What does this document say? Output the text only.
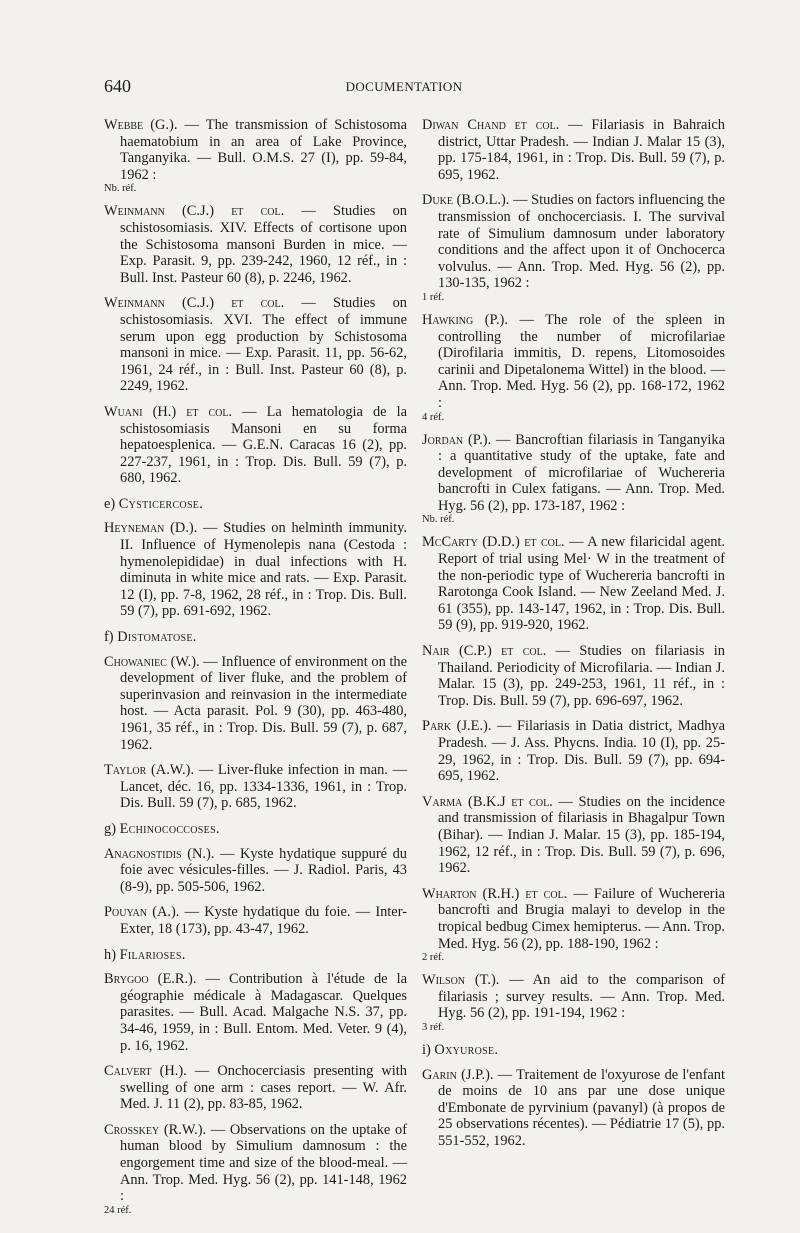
640	DOCUMENTATION

Webbe (G.). — The transmission of Schistosoma haematobium in an area of Lake Province, Tanganyika. — Bull. O.M.S. 27 (I), pp. 59-84, 1962 :
Nb. réf.

Weinmann (C.J.) et col. — Studies on schistosomiasis. XIV. Effects of cortisone upon the Schistosoma mansoni Burden in mice. — Exp. Parasit. 9, pp. 239-242, 1960, 12 réf., in : Bull. Inst. Pasteur 60 (8), p. 2246, 1962.

Weinmann (C.J.) et col. — Studies on schistosomiasis. XVI. The effect of immune serum upon egg production by Schistosoma mansoni in mice. — Exp. Parasit. 11, pp. 56-62, 1961, 24 réf., in : Bull. Inst. Pasteur 60 (8), p. 2249, 1962.

Wuani (H.) et col. — La hematologia de la schistosomiasis Mansoni en su forma hepatoesplenica. — G.E.N. Caracas 16 (2), pp. 227-237, 1961, in : Trop. Dis. Bull. 59 (7), p. 680, 1962.

e) Cysticercose.

Heyneman (D.). — Studies on helminth immunity. II. Influence of Hymenolepis nana (Cestoda : hymenolepididae) in dual infections with H. diminuta in white mice and rats. — Exp. Parasit. 12 (I), pp. 7-8, 1962, 28 réf., in : Trop. Dis. Bull. 59 (7), pp. 691-692, 1962.

f) Distomatose.

Chowaniec (W.). — Influence of environment on the development of liver fluke, and the problem of superinvasion and reinvasion in the intermediate host. — Acta parasit. Pol. 9 (30), pp. 463-480, 1961, 35 réf., in : Trop. Dis. Bull. 59 (7), p. 687, 1962.

Taylor (A.W.). — Liver-fluke infection in man. — Lancet, déc. 16, pp. 1334-1336, 1961, in : Trop. Dis. Bull. 59 (7), p. 685, 1962.

g) Echinococcoses.

Anagnostidis (N.). — Kyste hydatique suppuré du foie avec vésicules-filles. — J. Radiol. Paris, 43 (8-9), pp. 505-506, 1962.

Pouyan (A.). — Kyste hydatique du foie. — Inter-Exter, 18 (173), pp. 43-47, 1962.

h) Filarioses.

Brygoo (E.R.). — Contribution à l'étude de la géographie médicale à Madagascar. Quelques parasites. — Bull. Acad. Malgache N.S. 37, pp. 34-46, 1959, in : Bull. Entom. Med. Veter. 9 (4), p. 16, 1962.

Calvert (H.). — Onchocerciasis presenting with swelling of one arm : cases report. — W. Afr. Med. J. 11 (2), pp. 83-85, 1962.

Crosskey (R.W.). — Observations on the uptake of human blood by Simulium damnosum : the engorgement time and size of the blood-meal. — Ann. Trop. Med. Hyg. 56 (2), pp. 141-148, 1962 :
24 réf.

Diwan Chand et col. — Filariasis in Bahraich district, Uttar Pradesh. — Indian J. Malar 15 (3), pp. 175-184, 1961, in : Trop. Dis. Bull. 59 (7), p. 695, 1962.

Duke (B.O.L.). — Studies on factors influencing the transmission of onchocerciasis. I. The survival rate of Simulium damnosum under laboratory conditions and the affect upon it of Onchocerca volvulus. — Ann. Trop. Med. Hyg. 56 (2), pp. 130-135, 1962 :
1 réf.

Hawking (P.). — The role of the spleen in controlling the number of microfilariae (Dirofilaria immitis, D. repens, Litomosoides carinii and Dipetalonema Wittel) in the blood. — Ann. Trop. Med. Hyg. 56 (2), pp. 168-172, 1962 :
4 réf.

Jordan (P.). — Bancroftian filariasis in Tanganyika : a quantitative study of the uptake, fate and development of microfilariae of Wuchereria bancrofti in Culex fatigans. — Ann. Trop. Med. Hyg. 56 (2), pp. 173-187, 1962 :
Nb. réf.

McCarty (D.D.) et col. — A new filaricidal agent. Report of trial using Mel· W in the treatment of the non-periodic type of Wuchereria bancrofti in Rarotonga Cook Island. — New Zeeland Med. J. 61 (355), pp. 143-147, 1962, in : Trop. Dis. Bull. 59 (9), pp. 919-920, 1962.

Nair (C.P.) et col. — Studies on filariasis in Thailand. Periodicity of Microfilaria. — Indian J. Malar. 15 (3), pp. 249-253, 1961, 11 réf., in : Trop. Dis. Bull. 59 (7), pp. 696-697, 1962.

Park (J.E.). — Filariasis in Datia district, Madhya Pradesh. — J. Ass. Phycns. India. 10 (I), pp. 25-29, 1962, in : Trop. Dis. Bull. 59 (7), pp. 694-695, 1962.

Varma (B.K.J et col. — Studies on the incidence and transmission of filariasis in Bhagalpur Town (Bihar). — Indian J. Malar. 15 (3), pp. 185-194, 1962, 12 réf., in : Trop. Dis. Bull. 59 (7), p. 696, 1962.

Wharton (R.H.) et col. — Failure of Wuchereria bancrofti and Brugia malayi to develop in the tropical bedbug Cimex hemipterus. — Ann. Trop. Med. Hyg. 56 (2), pp. 188-190, 1962 :
2 réf.

Wilson (T.). — An aid to the comparison of filariasis ; survey results. — Ann. Trop. Med. Hyg. 56 (2), pp. 191-194, 1962 :
3 réf.

i) Oxyurose.

Garin (J.P.). — Traitement de l'oxyurose de l'enfant de moins de 10 ans par une dose unique d'Embonate de pyrvinium (pavanyl) (à propos de 25 observations récentes). — Pédiatrie 17 (5), pp. 551-552, 1962.
